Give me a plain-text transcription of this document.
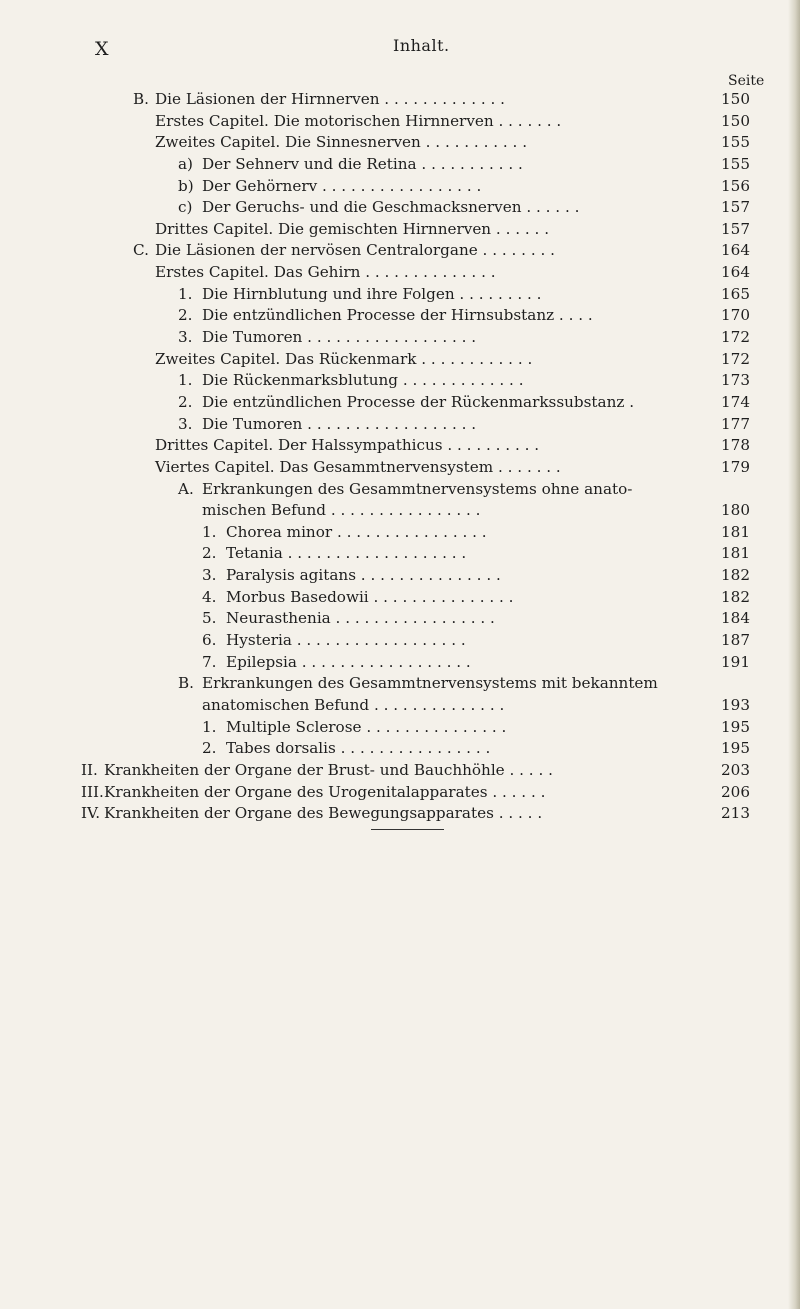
X	Inhalt.
Seite
B. Die Läsionen der Hirnnerven . . . . . . . . . . . . .	150
Erstes Capitel. Die motorischen Hirnnerven . . . . . . .	150
Zweites Capitel. Die Sinnesnerven . . . . . . . . . . .	155
a) Der Sehnerv und die Retina . . . . . . . . . . .	155
b) Der Gehörnerv . . . . . . . . . . . . . . . . .	156
c) Der Geruchs- und die Geschmacksnerven . . . . . .	157
Drittes Capitel. Die gemischten Hirnnerven . . . . . .	157
C. Die Läsionen der nervösen Centralorgane . . . . . . . .	164
Erstes Capitel. Das Gehirn . . . . . . . . . . . . . .	164
1. Die Hirnblutung und ihre Folgen . . . . . . . . .	165
2. Die entzündlichen Processe der Hirnsubstanz . . . .	170
3. Die Tumoren . . . . . . . . . . . . . . . . . .	172
Zweites Capitel. Das Rückenmark . . . . . . . . . . . .	172
1. Die Rückenmarksblutung . . . . . . . . . . . . .	173
2. Die entzündlichen Processe der Rückenmarkssubstanz .	174
3. Die Tumoren . . . . . . . . . . . . . . . . . .	177
Drittes Capitel. Der Halssympathicus . . . . . . . . . .	178
Viertes Capitel. Das Gesammtnervensystem . . . . . . .	179
A. Erkrankungen des Gesammtnervensystems ohne anato-
mischen Befund . . . . . . . . . . . . . . . .	180
1. Chorea minor . . . . . . . . . . . . . . . .	181
2. Tetania . . . . . . . . . . . . . . . . . . .	181
3. Paralysis agitans . . . . . . . . . . . . . . .	182
4. Morbus Basedowii . . . . . . . . . . . . . . .	182
5. Neurasthenia . . . . . . . . . . . . . . . . .	184
6. Hysteria . . . . . . . . . . . . . . . . . .	187
7. Epilepsia . . . . . . . . . . . . . . . . . .	191
B. Erkrankungen des Gesammtnervensystems mit bekanntem
anatomischen Befund . . . . . . . . . . . . . .	193
1. Multiple Sclerose . . . . . . . . . . . . . . .	195
2. Tabes dorsalis . . . . . . . . . . . . . . . .	195
II. Krankheiten der Organe der Brust- und Bauchhöhle . . . . .	203
III. Krankheiten der Organe des Urogenitalapparates . . . . . .	206
IV. Krankheiten der Organe des Bewegungsapparates . . . . .	213
